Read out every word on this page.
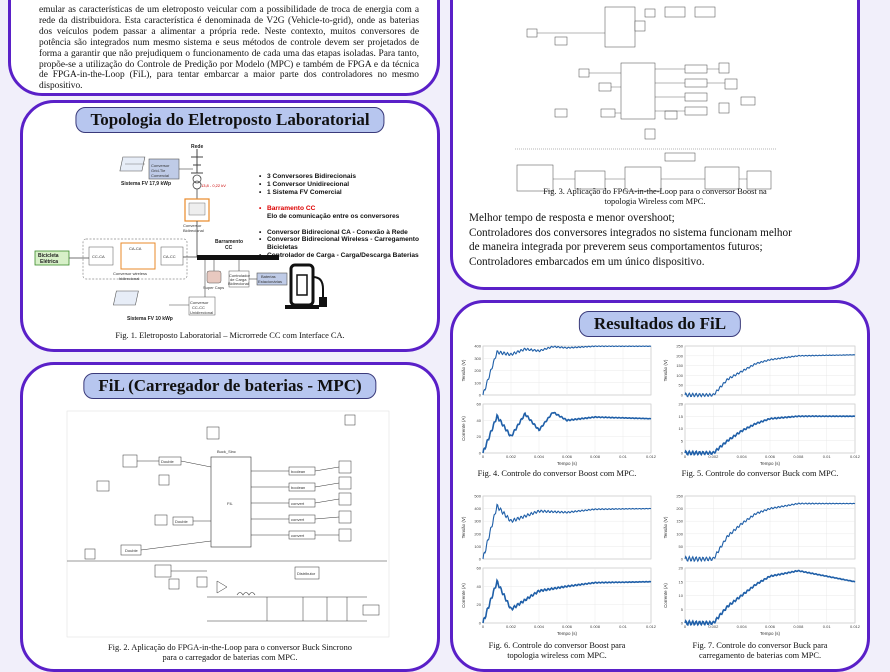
emular as características de um eletroposto veicular com a possibilidade de troca de energia com a rede da distribuidora. Esta característica é denominada de V2G (Vehicle-to-grid), onde as baterias dos veículos podem passar a alimentar a própria rede. Neste contexto, muitos conversores de potência são integrados num mesmo sistema e seus métodos de controle devem ser projetados de forma a garantir que não prejudiquem o funcionamento de cada uma das etapas isoladas. Para tanto, propõe-se a utilização do Controle de Predição por Modelo (MPC) e também de FPGA e da técnica de FPGA-in-the-Loop (FiL), para tentar embarcar a maior parte dos controladores no mesmo dispositivo.
Topologia do Eletroposto Laboratorial
Rede
13,8 - 0,22 kV
Sistema FV 17,9 kWp
Conversor
Grid-Tie
Comercial
Conversor
Bidirecional
Barramento
CC
CC-CA
CA-CA
CA-CC
Conversor wireless
bidirecional
Bicicleta
Elétrica
Super Caps
Controlador
de Carga
Bidirecional
Baterias
Estacionárias
Conversor
CC-CC
Unidirecional
Sistema FV 10 kWp
• 3 Conversores Bidirecionais
• 1 Conversor Unidirecional
• 1 Sistema FV Comercial
• Barramento CC
Elo de comunicação entre os conversores
• Conversor Bidirecional CA - Conexão à Rede
• Conversor Bidirecional Wireless - Carregamento
Bicicletas
• Controlador de Carga - Carga/Descarga Baterias
Fig. 1. Eletroposto Laboratorial – Microrrede CC com Interface CA.
FiL (Carregador de baterias - MPC)
Buck_Sinc
FIL
boolean
boolean
convert
convert
convert
Double
Double
Double
Distributor
Fig. 2. Aplicação do FPGA-in-the-Loop para o conversor Buck Sincrono
para o carregador de baterias com MPC.
Fig. 3. Aplicação do FPGA-in-the-Loop para o conversor Boost na
topologia Wireless com MPC.
Melhor tempo de resposta e menor overshoot;
Controladores dos conversores integrados no sistema funcionam melhor
de maneira integrada por preverem seus comportamentos futuros;
Controladores embarcados em um único dispositivo.
Resultados do FiL
0
100
200
300
400
Tensão (V)
0
20
40
60
0	0.002	0.004	0.006	0.008	0.01	0.012
Corrente (A)
Tempo (s)
Fig. 4. Controle do conversor Boost com MPC.
0
50
100
150
200
250
Tensão (V)
0
5
10
15
20
0	0.002	0.004	0.006	0.008	0.01	0.012
Tempo (s)
Fig. 5. Controle do conversor Buck com MPC.
0
100
200
300
400
500
Tensão (V)
0
20
40
60
0	0.002	0.004	0.006	0.008	0.01	0.012
Corrente (A)
Tempo (s)
Fig. 6. Controle do conversor Boost para
topologia wireless com MPC.
0
50
100
150
200
250
Tensão (V)
0
5
10
15
20
0	0.002	0.004	0.006	0.008	0.01	0.012
Corrente (A)
Tempo (s)
Fig. 7. Controle do conversor Buck para
carregamento de baterias com MPC.
